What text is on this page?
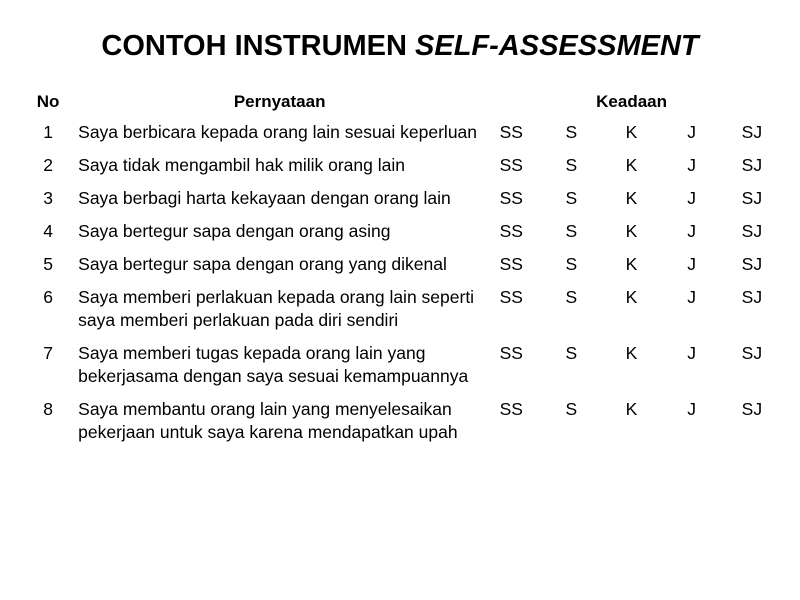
CONTOH INSTRUMEN SELF-ASSESSMENT
No	Pernyataan	Keadaan				
1	Saya berbicara kepada orang lain sesuai keperluan	SS	S	K	J	SJ
2	Saya tidak mengambil hak milik orang lain	SS	S	K	J	SJ
3	Saya berbagi harta kekayaan dengan orang lain	SS	S	K	J	SJ
4	Saya bertegur sapa dengan orang asing	SS	S	K	J	SJ
5	Saya bertegur sapa dengan orang yang dikenal	SS	S	K	J	SJ
6	Saya memberi perlakuan kepada orang lain seperti saya memberi perlakuan pada diri sendiri	SS	S	K	J	SJ
7	Saya memberi tugas kepada orang lain yang bekerjasama dengan saya sesuai kemampuannya	SS	S	K	J	SJ
8	Saya membantu orang lain yang menyelesaikan pekerjaan untuk saya karena mendapatkan upah	SS	S	K	J	SJ
